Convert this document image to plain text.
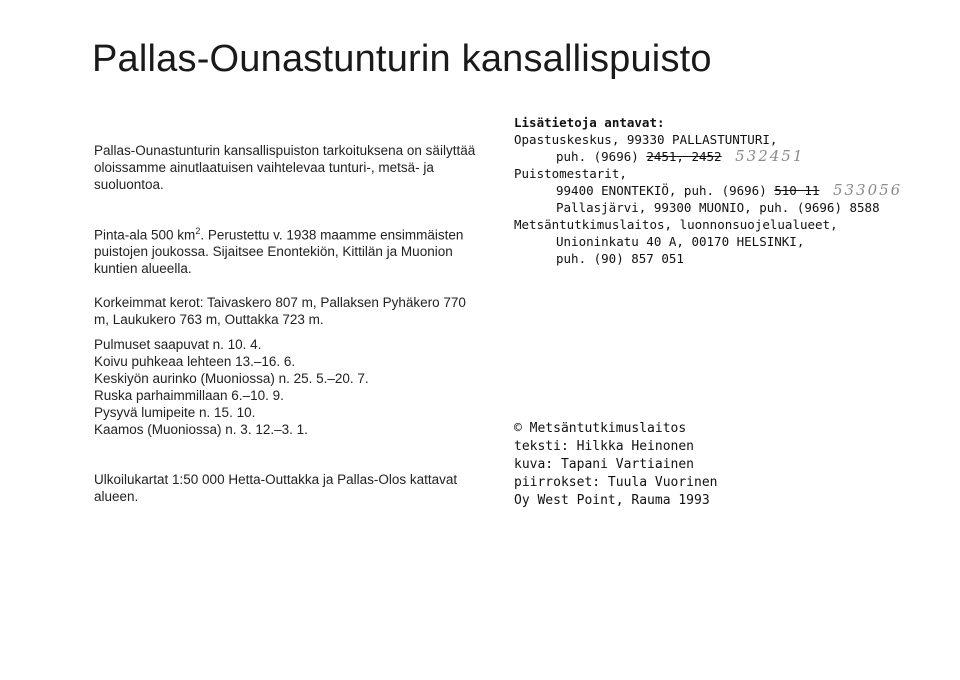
Pallas-Ounastunturin kansallispuisto

Pallas-Ounastunturin kansallispuiston tarkoituksena on säilyttää oloissamme ainutlaatuisen vaihtelevaa tunturi-, metsä- ja suoluontoa.

Pinta-ala 500 $km^2$. Perustettu v. 1938 maamme ensimmäisten puistojen joukossa. Sijaitsee Enontekiön, Kittilän ja Muonion kuntien alueella.

Korkeimmat kerot: Taivaskero 807 m, Pallaksen Pyhäkero 770 m, Laukukero 763 m, Outtakka 723 m.

Pulmuset saapuvat n. 10. 4.
Koivu puhkeaa lehteen 13.–16. 6.
Keskiyön aurinko (Muoniossa) n. 25. 5.–20. 7.
Ruska parhaimmillaan 6.–10. 9.
Pysyvä lumipeite n. 15. 10.
Kaamos (Muoniossa) n. 3. 12.–3. 1.

Ulkoilukartat 1:50 000 Hetta-Outtakka ja Pallas-Olos kattavat alueen.

Lisätietoja antavat:
Opastuskeskus, 99330 PALLASTUNTURI,
puh. (9696) 2451, 2452 532451
Puistomestarit,
99400 ENONTEKIÖ, puh. (9696) 510 11 533056
Pallasjärvi, 99300 MUONIO, puh. (9696) 8588
Metsäntutkimuslaitos, luonnonsuojelualueet,
Unioninkatu 40 A, 00170 HELSINKI,
puh. (90) 857 051
© Metsäntutkimuslaitos
teksti: Hilkka Heinonen
kuva: Tapani Vartiainen
piirrokset: Tuula Vuorinen
Oy West Point, Rauma 1993
